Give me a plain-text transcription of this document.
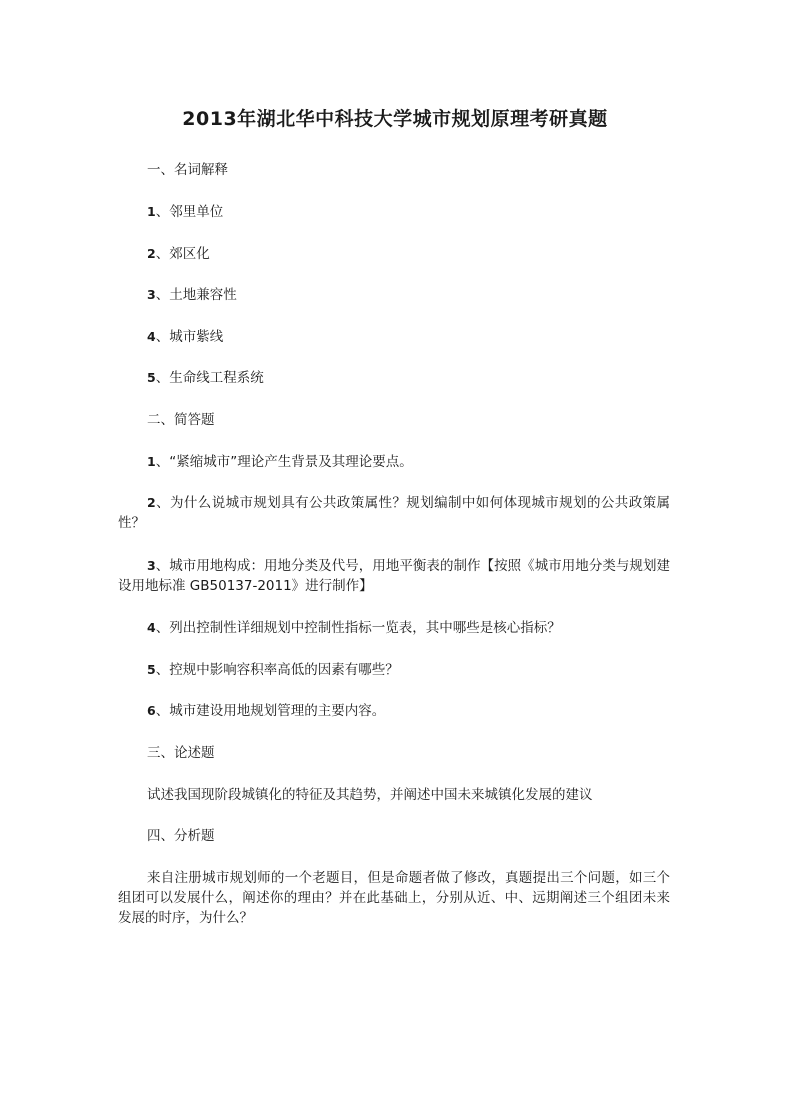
2013年湖北华中科技大学城市规划原理考研真题
一、名词解释
1、邻里单位
2、郊区化
3、土地兼容性
4、城市紫线
5、生命线工程系统
二、简答题
1、“紧缩城市”理论产生背景及其理论要点。
2、为什么说城市规划具有公共政策属性？规划编制中如何体现城市规划的公共政策属性？
3、城市用地构成：用地分类及代号，用地平衡表的制作【按照《城市用地分类与规划建设用地标准 GB50137-2011》进行制作】
4、列出控制性详细规划中控制性指标一览表，其中哪些是核心指标？
5、控规中影响容积率高低的因素有哪些？
6、城市建设用地规划管理的主要内容。
三、论述题
试述我国现阶段城镇化的特征及其趋势，并阐述中国未来城镇化发展的建议
四、分析题
来自注册城市规划师的一个老题目，但是命题者做了修改，真题提出三个问题，如三个组团可以发展什么，阐述你的理由？并在此基础上，分别从近、中、远期阐述三个组团未来发展的时序，为什么？
